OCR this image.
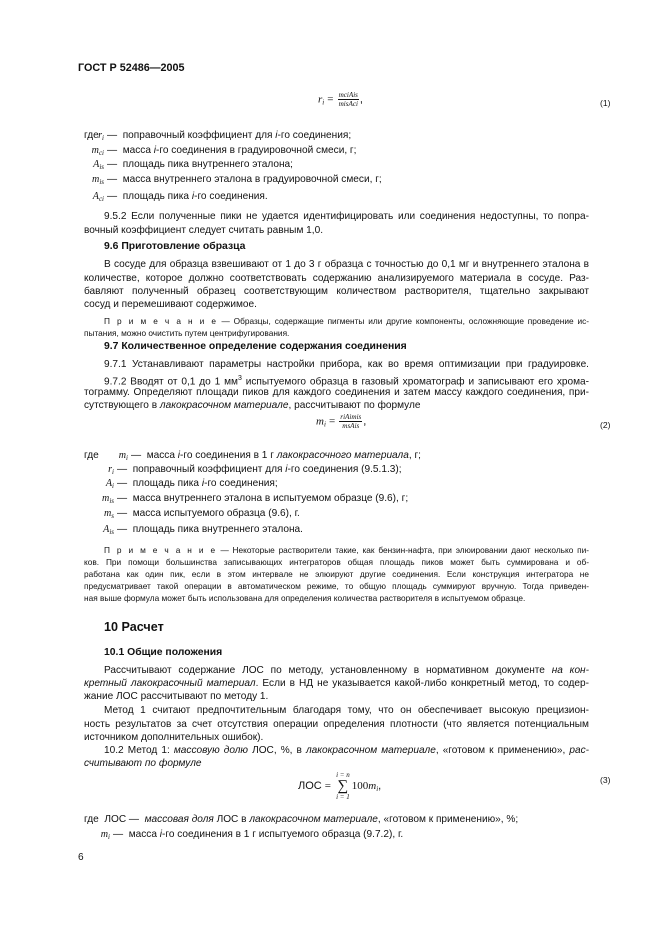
ГОСТ Р 52486—2005
$r_i = \frac{\text{mciAis}}{\text{misAci}}$ ,	(1)
где $r_i$ — поправочный коэффициент для i-го соединения;
$m_{ci}$ — масса i-го соединения в градуировочной смеси, г;
$A_{is}$ — площадь пика внутреннего эталона;
$m_{is}$ — масса внутреннего эталона в градуировочной смеси, г;
$A_{ci}$ — площадь пика i-го соединения.
9.5.2 Если полученные пики не удается идентифицировать или соединения недоступны, то попра-
вочный коэффициент следует считать равным 1,0.
9.6 Приготовление образца
В сосуде для образца взвешивают от 1 до 3 г образца с точностью до 0,1 мг и внутреннего эталона в
количестве, которое должно соответствовать содержанию анализируемого материала в сосуде. Раз-
бавляют полученный образец соответствующим количеством растворителя, тщательно закрывают
сосуд и перемешивают содержимое.
П р и м е ч а н и е — Образцы, содержащие пигменты или другие компоненты, осложняющие проведение ис-
пытания, можно очистить путем центрифугирования.
9.7 Количественное определение содержания соединения
9.7.1 Устанавливают параметры настройки прибора, как во время оптимизации при градуировке.
9.7.2 Вводят от 0,1 до 1 $мм^3$ испытуемого образца в газовый хроматограф и записывают его хрома-
тограмму. Определяют площади пиков для каждого соединения и затем массу каждого соединения, при-
сутствующего в лакокрасочном материале, рассчитывают по формуле
$m_i = \frac{\text{riAimis}}{\text{msAis}}$ ,	(2)
где	$m_i$ — масса i-го соединения в 1 г лакокрасочного материала, г;
$r_i$ — поправочный коэффициент для i-го соединения (9.5.1.3);
$A_i$ — площадь пика i-го соединения;
$m_{is}$ — масса внутреннего эталона в испытуемом образце (9.6), г;
$m_s$ — масса испытуемого образца (9.6), г.
$A_{is}$ — площадь пика внутреннего эталона.
П р и м е ч а н и е — Некоторые растворители такие, как бензин-нафта, при элюировании дают несколько пи-
ков. При помощи большинства записывающих интеграторов общая площадь пиков может быть суммирована и об-
работана как один пик, если в этом интервале не элюируют другие соединения. Если конструкция интегратора не
предусматривает такой операции в автоматическом режиме, то общую площадь суммируют вручную. Тогда приведен-
ная выше формула может быть использована для определения количества растворителя в испытуемом образце.
10 Расчет
10.1 Общие положения
Рассчитывают содержание ЛОС по методу, установленному в нормативном документе на кон-
кретный лакокрасочный материал. Если в НД не указывается какой-либо конкретный метод, то содер-
жание ЛОС рассчитывают по методу 1.
Метод 1 считают предпочтительным благодаря тому, что он обеспечивает высокую прецизион-
ность результатов за счет отсутствия операции определения плотности (что является потенциальным
источником дополнительных ошибок).
10.2 Метод 1: массовую долю ЛОС, %, в лакокрасочном материале, «готовом к применению», рас-
считывают по формуле
ЛОС =
i = n
∑
i = 1
$100m_i$,	(3)
где ЛОС — массовая доля ЛОС в лакокрасочном материале, «готовом к применению», %;
$m_i$ — масса i-го соединения в 1 г испытуемого образца (9.7.2), г.
6
